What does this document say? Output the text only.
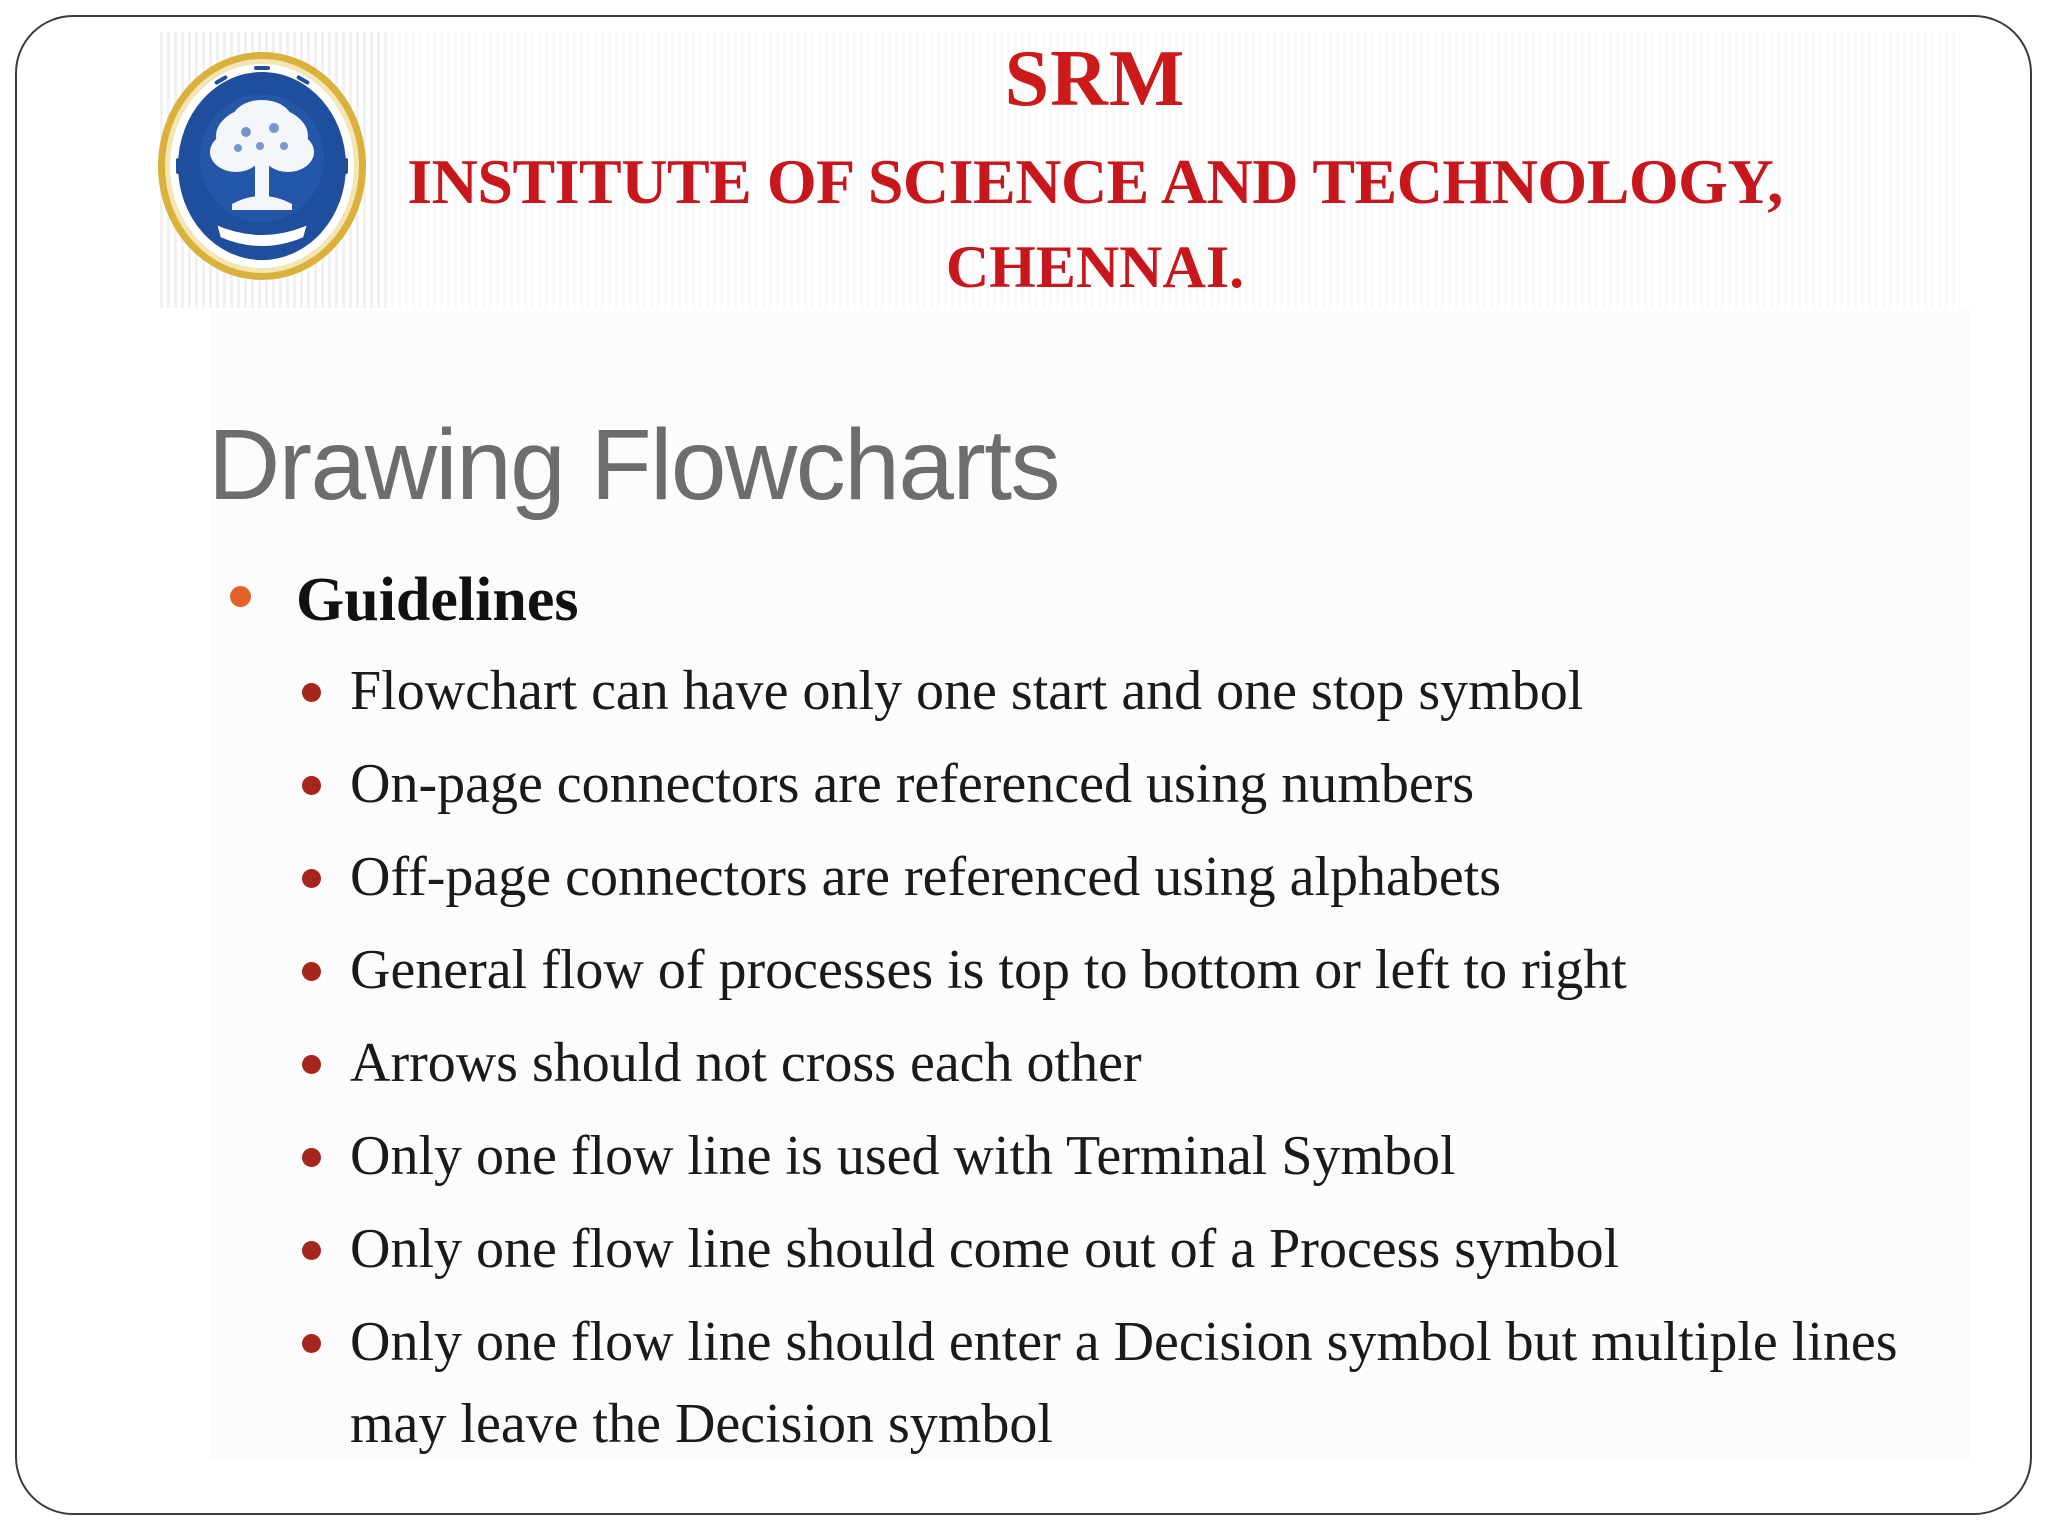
SRM
INSTITUTE OF SCIENCE AND TECHNOLOGY,
CHENNAI.
Drawing Flowcharts
Guidelines
Flowchart can have only one start and one stop symbol
On-page connectors are referenced using numbers
Off-page connectors are referenced using alphabets
General flow of processes is top to bottom or left to right
Arrows should not cross each other
Only one flow line is used with Terminal Symbol
Only one flow line should come out of a Process symbol
Only one flow line should enter a Decision symbol but multiple lines may leave the Decision symbol
